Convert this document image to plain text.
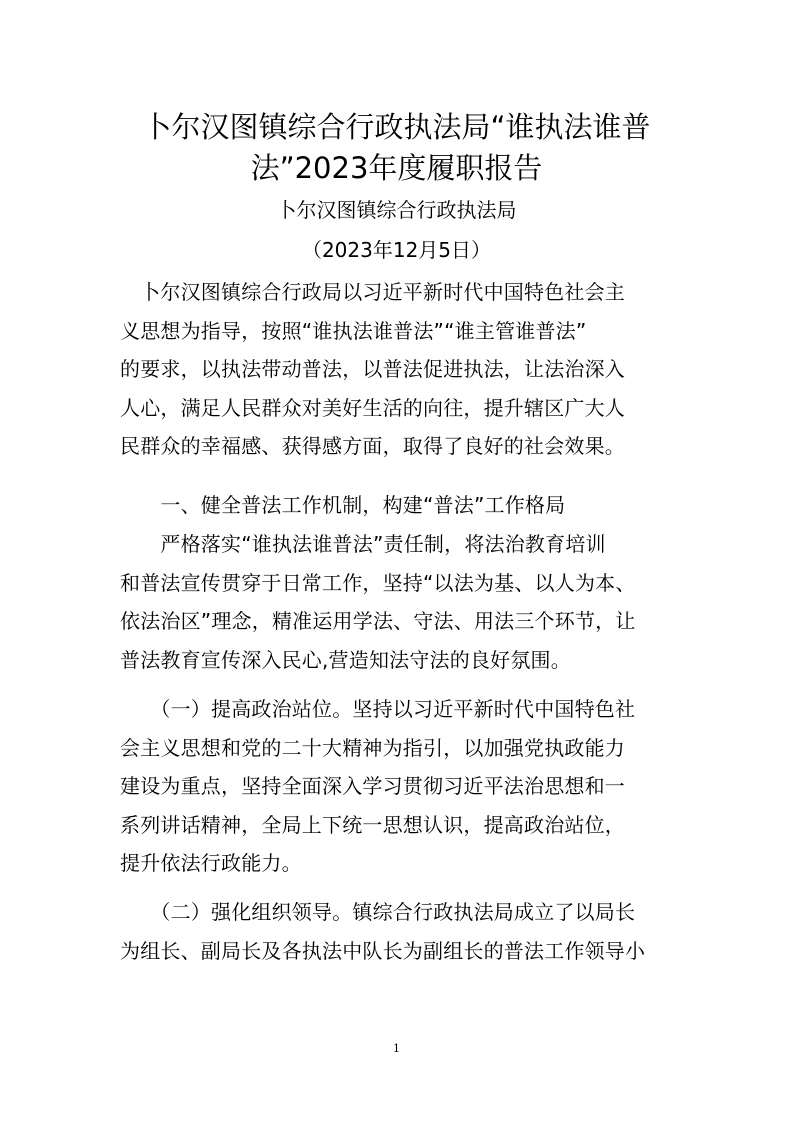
卜尔汉图镇综合行政执法局“谁执法谁普
法”2023年度履职报告

卜尔汉图镇综合行政执法局

（2023年12月5日）

　卜尔汉图镇综合行政局以习近平新时代中国特色社会主
义思想为指导，按照“谁执法谁普法”“谁主管谁普法”
的要求，以执法带动普法，以普法促进执法，让法治深入
人心，满足人民群众对美好生活的向往，提升辖区广大人
民群众的幸福感、获得感方面，取得了良好的社会效果。
　　一、健全普法工作机制，构建“普法”工作格局
　　严格落实“谁执法谁普法”责任制，将法治教育培训
和普法宣传贯穿于日常工作，坚持“以法为基、以人为本、
依法治区”理念，精准运用学法、守法、用法三个环节，让
普法教育宣传深入民心,营造知法守法的良好氛围。
　　（一）提高政治站位。坚持以习近平新时代中国特色社
会主义思想和党的二十大精神为指引，以加强党执政能力
建设为重点，坚持全面深入学习贯彻习近平法治思想和一
系列讲话精神，全局上下统一思想认识，提高政治站位，
提升依法行政能力。
　　（二）强化组织领导。镇综合行政执法局成立了以局长
为组长、副局长及各执法中队长为副组长的普法工作领导小
1
